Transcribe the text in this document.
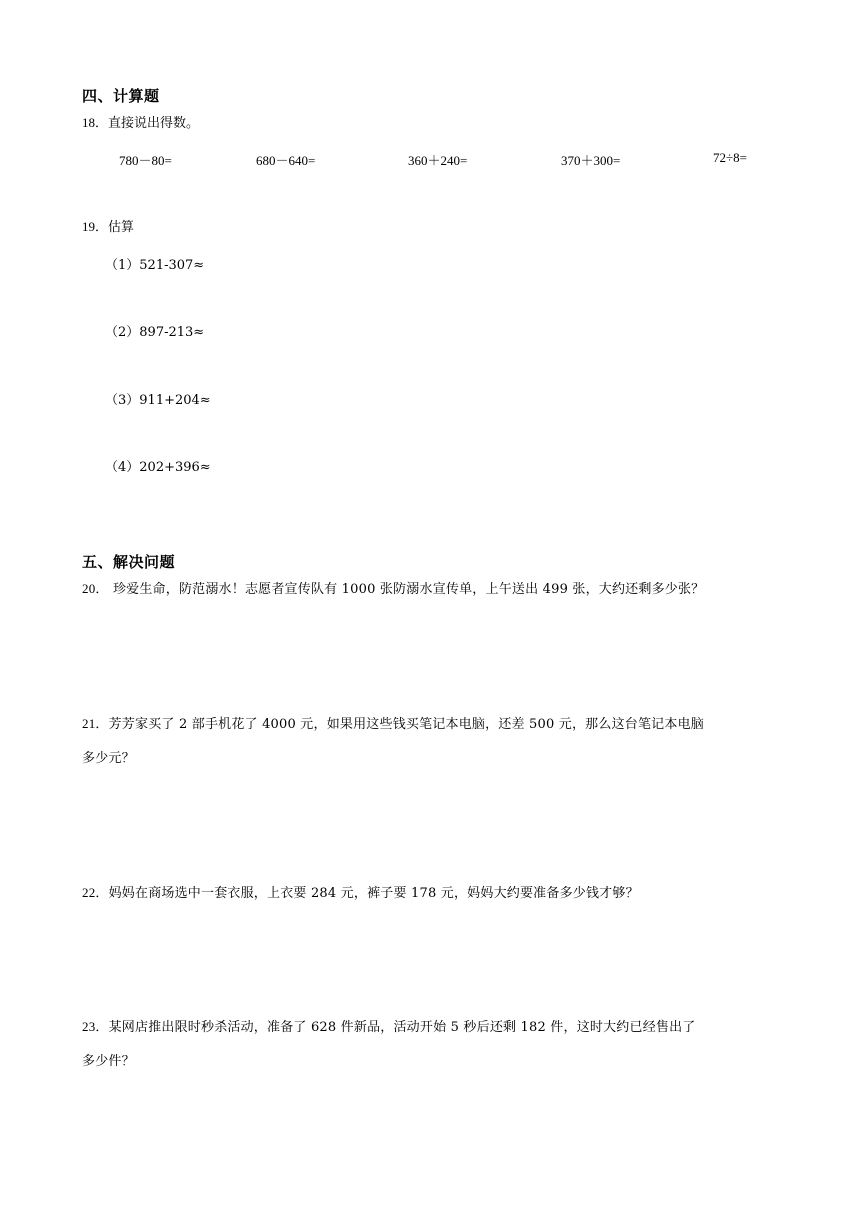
四、计算题
18．直接说出得数。
780－80=	680－640=	360＋240=	370＋300=	72÷8=
19．估算
（1）521-307≈
（2）897-213≈
（3）911+204≈
（4）202+396≈
五、解决问题
20． 珍爱生命，防范溺水！志愿者宣传队有 1000 张防溺水宣传单，上午送出 499 张，大约还剩多少张？
21．芳芳家买了 2 部手机花了 4000 元，如果用这些钱买笔记本电脑，还差 500 元，那么这台笔记本电脑
多少元？
22．妈妈在商场选中一套衣服，上衣要 284 元，裤子要 178 元，妈妈大约要准备多少钱才够？
23．某网店推出限时秒杀活动，准备了 628 件新品，活动开始 5 秒后还剩 182 件，这时大约已经售出了
多少件？
